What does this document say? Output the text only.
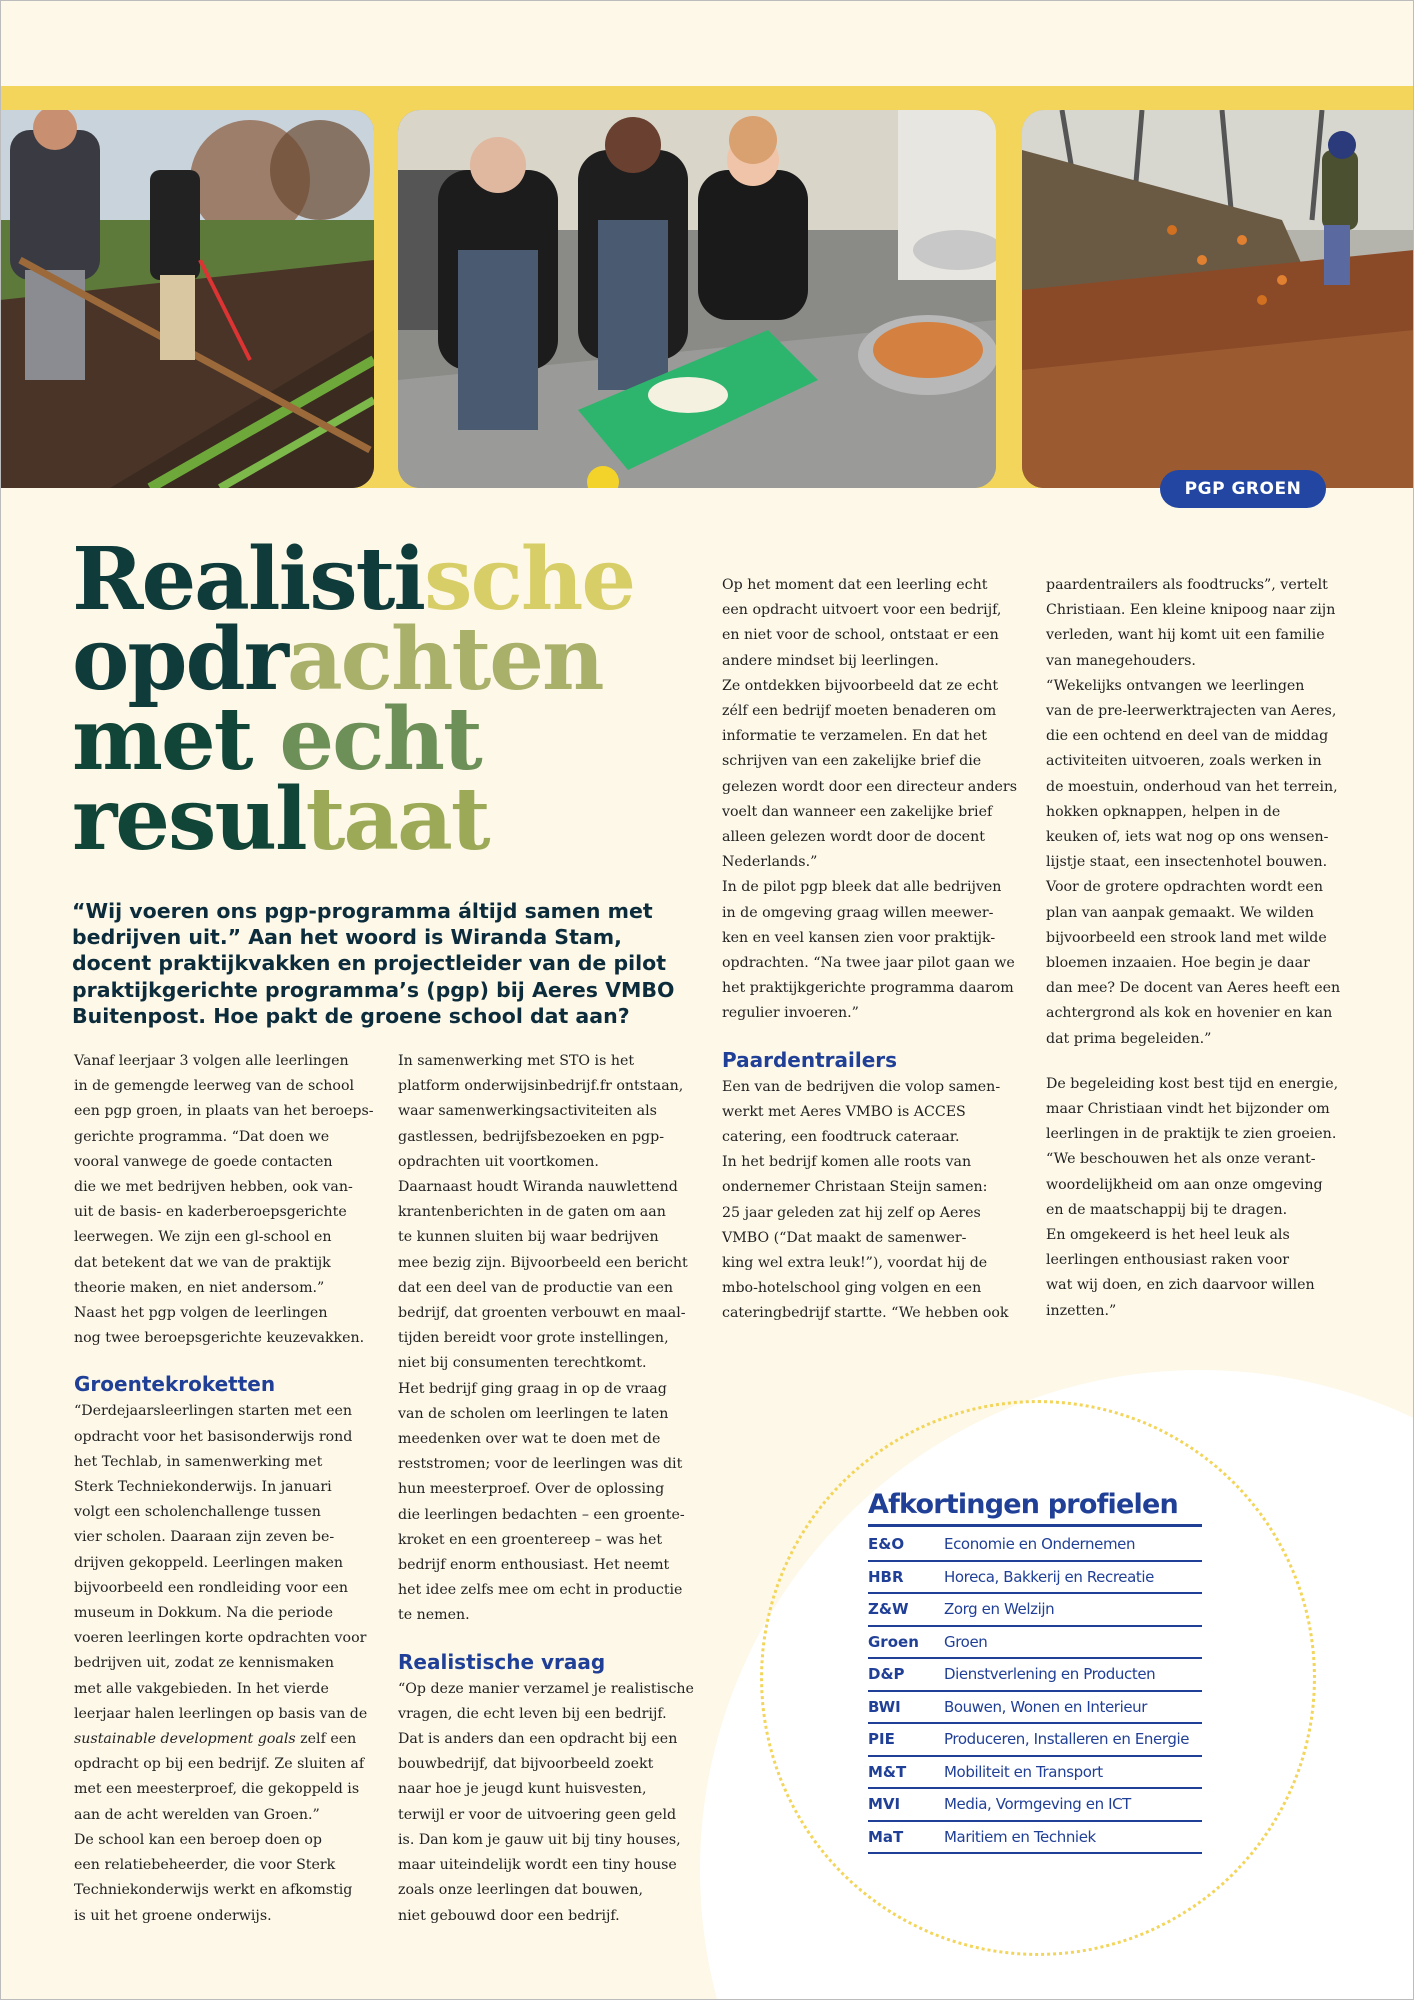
PGP GROEN
Realistische
opdrachten
met echt
resultaat
“Wij voeren ons pgp-programma áltijd samen met bedrijven uit.” Aan het woord is Wiranda Stam, docent praktijkvakken en projectleider van de pilot praktijkgerichte programma’s (pgp) bij Aeres VMBO Buitenpost. Hoe pakt de groene school dat aan?

Vanaf leerjaar 3 volgen alle leerlingen

in de gemengde leerweg van de school

een pgp groen, in plaats van het beroeps-

gerichte programma. “Dat doen we

vooral vanwege de goede contacten

die we met bedrijven hebben, ook van-

uit de basis- en kaderberoepsgerichte

leerwegen. We zijn een gl-school en

dat betekent dat we van de praktijk

theorie maken, en niet andersom.”

Naast het pgp volgen de leerlingen

nog twee beroepsgerichte keuzevakken.

Groentekroketten

“Derdejaarsleerlingen starten met een

opdracht voor het basisonderwijs rond

het Techlab, in samenwerking met

Sterk Techniekonderwijs. In januari

volgt een scholenchallenge tussen

vier scholen. Daaraan zijn zeven be-

drijven gekoppeld. Leerlingen maken

bijvoorbeeld een rondleiding voor een

museum in Dokkum. Na die periode

voeren leerlingen korte opdrachten voor

bedrijven uit, zodat ze kennismaken

met alle vakgebieden. In het vierde

leerjaar halen leerlingen op basis van de

sustainable development goals zelf een

opdracht op bij een bedrijf. Ze sluiten af

met een meesterproef, die gekoppeld is

aan de acht werelden van Groen.”

De school kan een beroep doen op

een relatiebeheerder, die voor Sterk

Techniekonderwijs werkt en afkomstig

is uit het groene onderwijs.

In samenwerking met STO is het

platform onderwijsinbedrijf.fr ontstaan,

waar samenwerkingsactiviteiten als

gastlessen, bedrijfsbezoeken en pgp-

opdrachten uit voortkomen.

Daarnaast houdt Wiranda nauwlettend

krantenberichten in de gaten om aan

te kunnen sluiten bij waar bedrijven

mee bezig zijn. Bijvoorbeeld een bericht

dat een deel van de productie van een

bedrijf, dat groenten verbouwt en maal-

tijden bereidt voor grote instellingen,

niet bij consumenten terechtkomt.

Het bedrijf ging graag in op de vraag

van de scholen om leerlingen te laten

meedenken over wat te doen met de

reststromen; voor de leerlingen was dit

hun meesterproef. Over de oplossing

die leerlingen bedachten – een groente-

kroket en een groentereep – was het

bedrijf enorm enthousiast. Het neemt

het idee zelfs mee om echt in productie

te nemen.

Realistische vraag

“Op deze manier verzamel je realistische

vragen, die echt leven bij een bedrijf.

Dat is anders dan een opdracht bij een

bouwbedrijf, dat bijvoorbeeld zoekt

naar hoe je jeugd kunt huisvesten,

terwijl er voor de uitvoering geen geld

is. Dan kom je gauw uit bij tiny houses,

maar uiteindelijk wordt een tiny house

zoals onze leerlingen dat bouwen,

niet gebouwd door een bedrijf.

Op het moment dat een leerling echt

een opdracht uitvoert voor een bedrijf,

en niet voor de school, ontstaat er een

andere mindset bij leerlingen.

Ze ontdekken bijvoorbeeld dat ze echt

zélf een bedrijf moeten benaderen om

informatie te verzamelen. En dat het

schrijven van een zakelijke brief die

gelezen wordt door een directeur anders

voelt dan wanneer een zakelijke brief

alleen gelezen wordt door de docent

Nederlands.”

In de pilot pgp bleek dat alle bedrijven

in de omgeving graag willen meewer-

ken en veel kansen zien voor praktijk-

opdrachten. “Na twee jaar pilot gaan we

het praktijkgerichte programma daarom

regulier invoeren.”

Paardentrailers

Een van de bedrijven die volop samen-

werkt met Aeres VMBO is ACCES

catering, een foodtruck cateraar.

In het bedrijf komen alle roots van

ondernemer Christaan Steijn samen:

25 jaar geleden zat hij zelf op Aeres

VMBO (“Dat maakt de samenwer-

king wel extra leuk!”), voordat hij de

mbo-hotelschool ging volgen en een

cateringbedrijf startte. “We hebben ook

paardentrailers als foodtrucks”, vertelt

Christiaan. Een kleine knipoog naar zijn

verleden, want hij komt uit een familie

van manegehouders.

“Wekelijks ontvangen we leerlingen

van de pre-leerwerktrajecten van Aeres,

die een ochtend en deel van de middag

activiteiten uitvoeren, zoals werken in

de moestuin, onderhoud van het terrein,

hokken opknappen, helpen in de

keuken of, iets wat nog op ons wensen-

lijstje staat, een insectenhotel bouwen.

Voor de grotere opdrachten wordt een

plan van aanpak gemaakt. We wilden

bijvoorbeeld een strook land met wilde

bloemen inzaaien. Hoe begin je daar

dan mee? De docent van Aeres heeft een

achtergrond als kok en hovenier en kan

dat prima begeleiden.”

De begeleiding kost best tijd en energie,

maar Christiaan vindt het bijzonder om

leerlingen in de praktijk te zien groeien.

“We beschouwen het als onze verant-

woordelijkheid om aan onze omgeving

en de maatschappij bij te dragen.

En omgekeerd is het heel leuk als

leerlingen enthousiast raken voor

wat wij doen, en zich daarvoor willen

inzetten.”

Afkortingen profielen
E&O	Economie en Ondernemen
HBR	Horeca, Bakkerij en Recreatie
Z&W	Zorg en Welzijn
Groen	Groen
D&P	Dienstverlening en Producten
BWI	Bouwen, Wonen en Interieur
PIE	Produceren, Installeren en Energie
M&T	Mobiliteit en Transport
MVI	Media, Vormgeving en ICT
MaT	Maritiem en Techniek
